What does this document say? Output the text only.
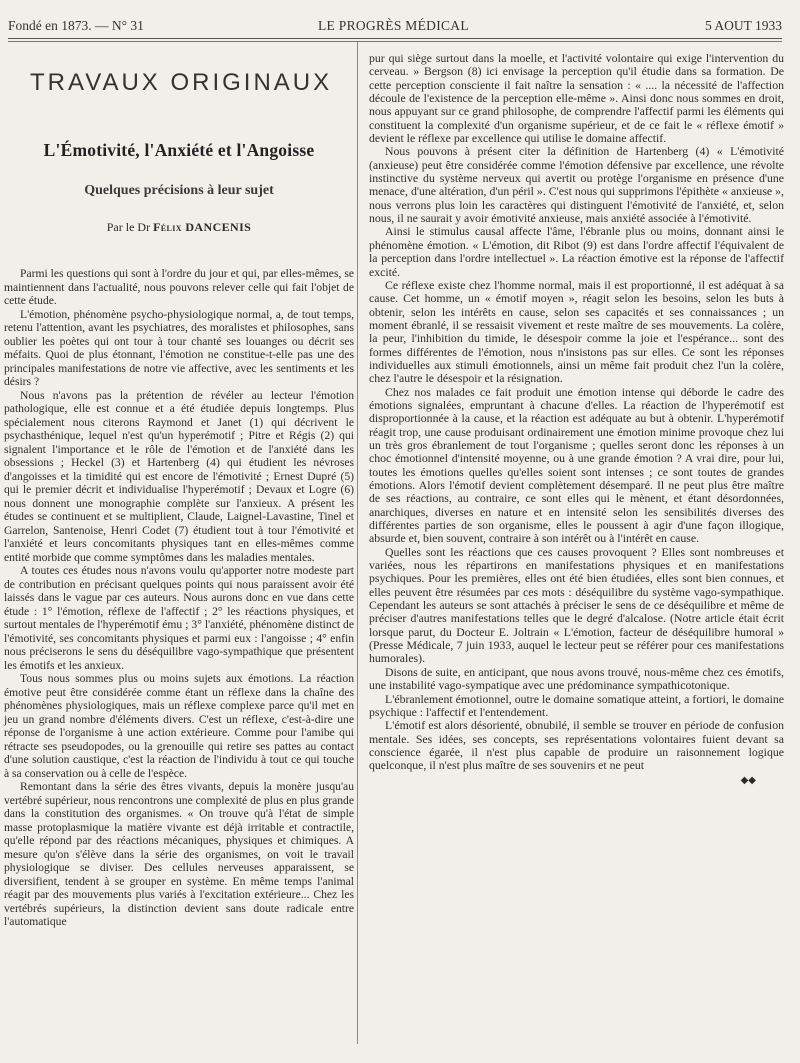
Fondé en 1873. — N° 31	LE PROGRÈS MÉDICAL	5 AOUT 1933
TRAVAUX ORIGINAUX
L'Émotivité, l'Anxiété et l'Angoisse
Quelques précisions à leur sujet
Par le Dr Félix DANCENIS

Parmi les questions qui sont à l'ordre du jour et qui, par elles-mêmes, se maintiennent dans l'actualité, nous pouvons relever celle qui fait l'objet de cette étude.

L'émotion, phénomène psycho-physiologique normal, a, de tout temps, retenu l'attention, avant les psychiatres, des moralistes et philosophes, sans oublier les poètes qui ont tour à tour chanté ses louanges ou décrit ses méfaits. Quoi de plus étonnant, l'émotion ne constitue-t-elle pas une des principales manifestations de notre vie affective, avec les sentiments et les désirs ?

Nous n'avons pas la prétention de révéler au lecteur l'émotion pathologique, elle est connue et a été étudiée depuis longtemps. Plus spécialement nous citerons Raymond et Janet (1) qui décrivent le psychasthénique, lequel n'est qu'un hyperémotif ; Pitre et Régis (2) qui signalent l'importance et le rôle de l'émotion et de l'anxiété dans les obsessions ; Heckel (3) et Hartenberg (4) qui étudient les névroses d'angoisses et la timidité qui est encore de l'émotivité ; Ernest Dupré (5) qui le premier décrit et individualise l'hyperémotif ; Devaux et Logre (6) nous donnent une monographie complète sur l'anxieux. A présent les études se continuent et se multiplient, Claude, Laignel-Lavastine, Tinel et Garrelon, Santenoise, Henri Codet (7) étudient tout à tour l'émotivité et l'anxiété et leurs concomitants physiques tant en elles-mêmes comme entité morbide que comme symptômes dans les maladies mentales.

A toutes ces études nous n'avons voulu qu'apporter notre modeste part de contribution en précisant quelques points qui nous paraissent avoir été laissés dans le vague par ces auteurs. Nous aurons donc en vue dans cette étude : 1° l'émotion, réflexe de l'affectif ; 2° les réactions physiques, et surtout mentales de l'hyperémotif ému ; 3° l'anxiété, phénomène distinct de l'émotivité, ses concomitants physiques et parmi eux : l'angoisse ; 4° enfin nous préciserons le sens du déséquilibre vago-sympathique que présentent les émotifs et les anxieux.

Tous nous sommes plus ou moins sujets aux émotions. La réaction émotive peut être considérée comme étant un réflexe dans la chaîne des phénomènes physiologiques, mais un réflexe complexe parce qu'il met en jeu un grand nombre d'éléments divers. C'est un réflexe, c'est-à-dire une réponse de l'organisme à une action extérieure. Comme pour l'amibe qui rétracte ses pseudopodes, ou la grenouille qui retire ses pattes au contact d'une solution caustique, c'est la réaction de l'individu à tout ce qui touche à sa conservation ou à celle de l'espèce.

Remontant dans la série des êtres vivants, depuis la monère jusqu'au vertébré supérieur, nous rencontrons une complexité de plus en plus grande dans la constitution des organismes. « On trouve qu'à l'état de simple masse protoplasmique la matière vivante est déjà irritable et contractile, qu'elle répond par des réactions mécaniques, physiques et chimiques. A mesure qu'on s'élève dans la série des organismes, on voit le travail physiologique se diviser. Des cellules nerveuses apparaissent, se diversifient, tendent à se grouper en système. En même temps l'animal réagit par des mouvements plus variés à l'excitation extérieure... Chez les vertébrés supérieurs, la distinction devient sans doute radicale entre l'automatique

pur qui siège surtout dans la moelle, et l'activité volontaire qui exige l'intervention du cerveau. » Bergson (8) ici envisage la perception qu'il étudie dans sa formation. De cette perception consciente il fait naître la sensation : « .... la nécessité de l'affection découle de l'existence de la perception elle-même ». Ainsi donc nous sommes en droit, nous appuyant sur ce grand philosophe, de comprendre l'affectif parmi les éléments qui constituent la complexité d'un organisme supérieur, et de ce fait le « réflexe émotif » devient le réflexe par excellence qui utilise le domaine affectif.

Nous pouvons à présent citer la définition de Hartenberg (4) « L'émotivité (anxieuse) peut être considérée comme l'émotion défensive par excellence, une révolte instinctive du système nerveux qui avertit ou protège l'organisme en présence d'une menace, d'une altération, d'un péril ». C'est nous qui supprimons l'épithète « anxieuse », nous verrons plus loin les caractères qui distinguent l'émotivité de l'anxiété, et, selon nous, il ne saurait y avoir émotivité anxieuse, mais anxiété associée à l'émotivité.

Ainsi le stimulus causal affecte l'âme, l'ébranle plus ou moins, donnant ainsi le phénomène émotion. « L'émotion, dit Ribot (9) est dans l'ordre affectif l'équivalent de la perception dans l'ordre intellectuel ». La réaction émotive est la réponse de l'affectif excité.

Ce réflexe existe chez l'homme normal, mais il est proportionné, il est adéquat à sa cause. Cet homme, un « émotif moyen », réagit selon les besoins, selon les buts à obtenir, selon les intérêts en cause, selon ses capacités et ses connaissances ; un moment ébranlé, il se ressaisit vivement et reste maître de ses mouvements. La colère, la peur, l'inhibition du timide, le désespoir comme la joie et l'espérance... sont des formes différentes de l'émotion, nous n'insistons pas sur elles. Ce sont les réponses individuelles aux stimuli émotionnels, ainsi un même fait produit chez l'un la colère, chez l'autre le désespoir et la résignation.

Chez nos malades ce fait produit une émotion intense qui déborde le cadre des émotions signalées, empruntant à chacune d'elles. La réaction de l'hyperémotif est disproportionnée à la cause, et la réaction est adéquate au but à obtenir. L'hyperémotif réagit trop, une cause produisant ordinairement une émotion minime provoque chez lui un très gros ébranlement de tout l'organisme ; quelles seront donc les réponses à un choc émotionnel d'intensité moyenne, ou à une grande émotion ? A vrai dire, pour lui, toutes les émotions quelles qu'elles soient sont intenses ; ce sont toutes de grandes émotions. Alors l'émotif devient complètement désemparé. Il ne peut plus être maître de ses réactions, au contraire, ce sont elles qui le mènent, et étant désordonnées, anarchiques, diverses en nature et en intensité selon les sensibilités diverses des différentes parties de son organisme, elles le poussent à agir d'une façon illogique, absurde et, bien souvent, contraire à son intérêt ou à l'intérêt en cause.

Quelles sont les réactions que ces causes provoquent ? Elles sont nombreuses et variées, nous les répartirons en manifestations physiques et en manifestations psychiques. Pour les premières, elles ont été bien étudiées, elles sont bien connues, et elles peuvent être résumées par ces mots : déséquilibre du système vago-sympathique. Cependant les auteurs se sont attachés à préciser le sens de ce déséquilibre et même de préciser d'autres manifestations telles que le degré d'alcalose. (Notre article était écrit lorsque parut, du Docteur E. Joltrain « L'émotion, facteur de déséquilibre humoral » (Presse Médicale, 7 juin 1933, auquel le lecteur peut se référer pour ces manifestations humorales).

Disons de suite, en anticipant, que nous avons trouvé, nous-même chez ces émotifs, une instabilité vago-sympatique avec une prédominance sympathicotonique.

L'ébranlement émotionnel, outre le domaine somatique atteint, a fortiori, le domaine psychique : l'affectif et l'entendement.

L'émotif est alors désorienté, obnubilé, il semble se trouver en période de confusion mentale. Ses idées, ses concepts, ses représentations volontaires fuient devant sa conscience égarée, il n'est plus capable de produire un raisonnement logique quelconque, il n'est plus maître de ses souvenirs et ne peut

◆◆
